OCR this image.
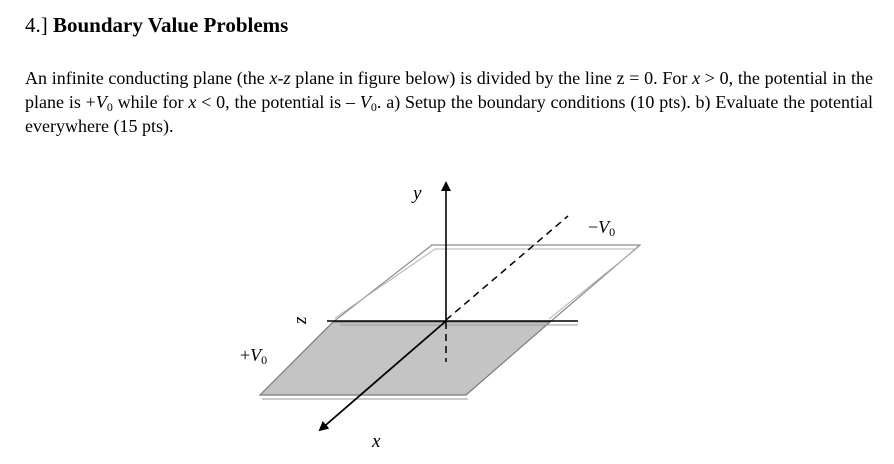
4.] Boundary Value Problems
An infinite conducting plane (the x-z plane in figure below) is divided by the line z = 0. For x > 0, the potential in the plane is $+V_0$ while for x < 0, the potential is – $V_0$. a) Setup the boundary conditions (10 pts). b) Evaluate the potential everywhere (15 pts).
y
z
x
−V0
+V0
